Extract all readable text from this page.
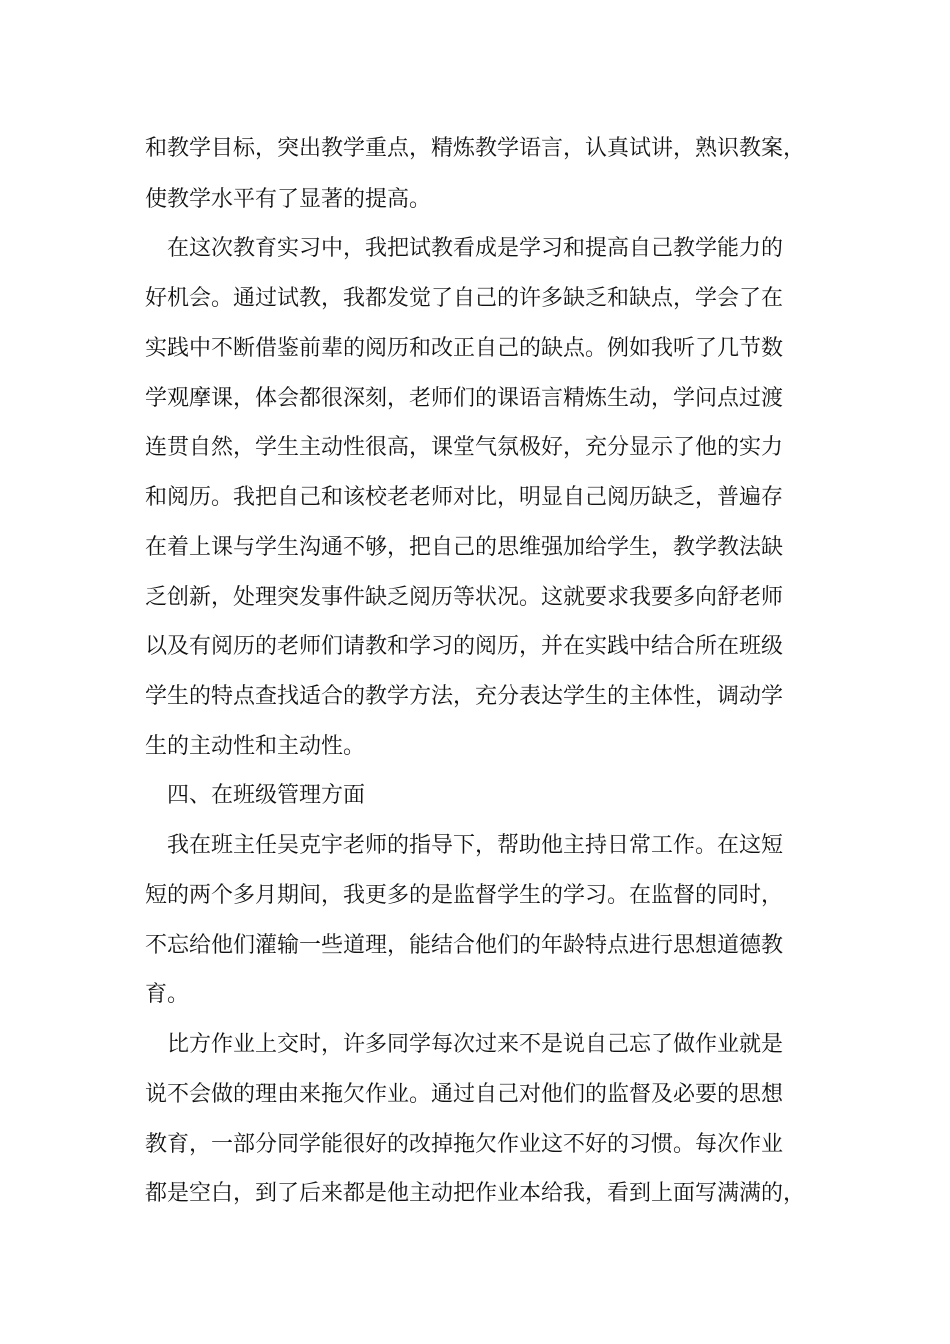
和教学目标，突出教学重点，精炼教学语言，认真试讲，熟识教案，
使教学水平有了显著的提高。
在这次教育实习中，我把试教看成是学习和提高自己教学能力的
好机会。通过试教，我都发觉了自己的许多缺乏和缺点，学会了在
实践中不断借鉴前辈的阅历和改正自己的缺点。例如我听了几节数
学观摩课，体会都很深刻，老师们的课语言精炼生动，学问点过渡
连贯自然，学生主动性很高，课堂气氛极好，充分显示了他的实力
和阅历。我把自己和该校老老师对比，明显自己阅历缺乏，普遍存
在着上课与学生沟通不够，把自己的思维强加给学生，教学教法缺
乏创新，处理突发事件缺乏阅历等状况。这就要求我要多向舒老师
以及有阅历的老师们请教和学习的阅历，并在实践中结合所在班级
学生的特点查找适合的教学方法，充分表达学生的主体性，调动学
生的主动性和主动性。
四、在班级管理方面
我在班主任吴克宇老师的指导下，帮助他主持日常工作。在这短
短的两个多月期间，我更多的是监督学生的学习。在监督的同时，
不忘给他们灌输一些道理，能结合他们的年龄特点进行思想道德教
育。
比方作业上交时，许多同学每次过来不是说自己忘了做作业就是
说不会做的理由来拖欠作业。通过自己对他们的监督及必要的思想
教育，一部分同学能很好的改掉拖欠作业这不好的习惯。每次作业
都是空白，到了后来都是他主动把作业本给我，看到上面写满满的，
